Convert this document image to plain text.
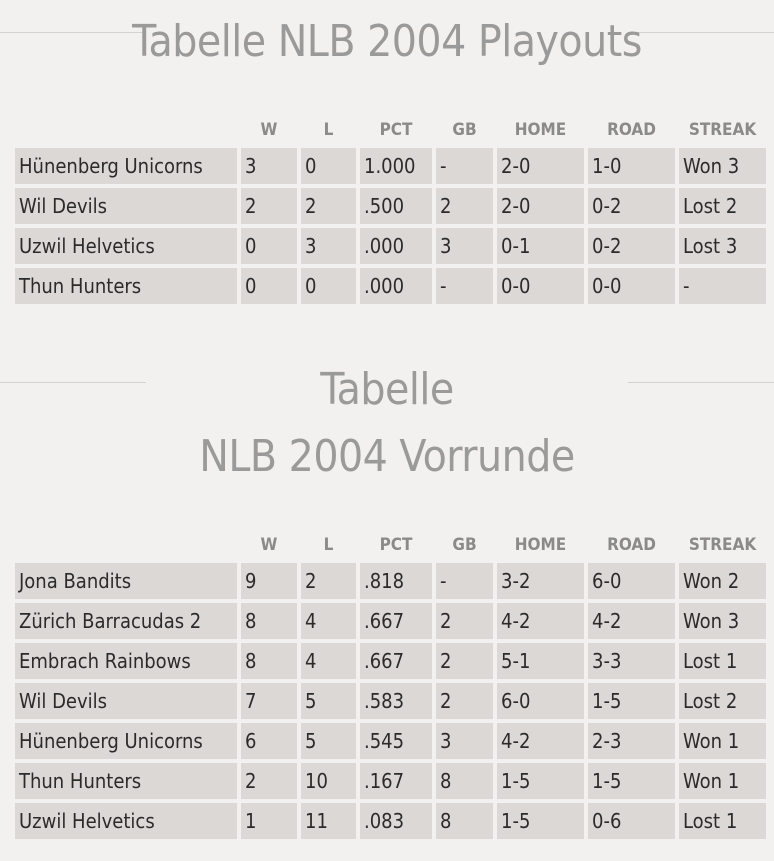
Tabelle NLB 2004 Playouts
	W	L	PCT	GB	HOME	ROAD	STREAK
Hünenberg Unicorns	3	0	1.000	-	2-0	1-0	Won 3
Wil Devils	2	2	.500	2	2-0	0-2	Lost 2
Uzwil Helvetics	0	3	.000	3	0-1	0-2	Lost 3
Thun Hunters	0	0	.000	-	0-0	0-0	-
Tabelle
NLB 2004 Vorrunde
	W	L	PCT	GB	HOME	ROAD	STREAK
Jona Bandits	9	2	.818	-	3-2	6-0	Won 2
Zürich Barracudas 2	8	4	.667	2	4-2	4-2	Won 3
Embrach Rainbows	8	4	.667	2	5-1	3-3	Lost 1
Wil Devils	7	5	.583	2	6-0	1-5	Lost 2
Hünenberg Unicorns	6	5	.545	3	4-2	2-3	Won 1
Thun Hunters	2	10	.167	8	1-5	1-5	Won 1
Uzwil Helvetics	1	11	.083	8	1-5	0-6	Lost 1
